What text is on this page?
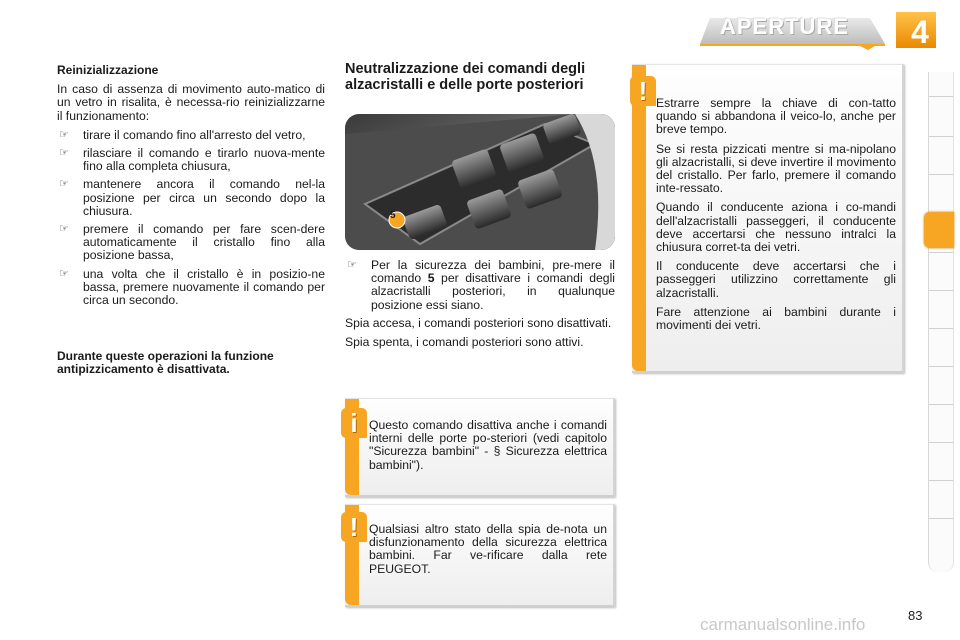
APERTURE 4
Reinizializzazione

In caso di assenza di movimento auto-matico di un vetro in risalita, è necessa-rio reinizializzarne il funzionamento:

☞ tirare il comando fino all'arresto del vetro,
☞ rilasciare il comando e tirarlo nuova-mente fino alla completa chiusura,
☞ mantenere ancora il comando nel-la posizione per circa un secondo dopo la chiusura.
☞ premere il comando per fare scen-dere automaticamente il cristallo fino alla posizione bassa,
☞ una volta che il cristallo è in posizio-ne bassa, premere nuovamente il comando per circa un secondo.
Durante queste operazioni la funzione antipizzicamento è disattivata.
Neutralizzazione dei comandi degli alzacristalli e delle porte posteriori
5
☞ Per la sicurezza dei bambini, pre-mere il comando 5 per disattivare i comandi degli alzacristalli posteriori, in qualunque posizione essi siano.

Spia accesa, i comandi posteriori sono disattivati.

Spia spenta, i comandi posteriori sono attivi.

Questo comando disattiva anche i comandi interni delle porte po-steriori (vedi capitolo "Sicurezza bambini" - § Sicurezza elettrica bambini").
i
Qualsiasi altro stato della spia de-nota un disfunzionamento della sicurezza elettrica bambini. Far ve-rificare dalla rete PEUGEOT.
!

Estrarre sempre la chiave di con-tatto quando si abbandona il veico-lo, anche per breve tempo.

Se si resta pizzicati mentre si ma-nipolano gli alzacristalli, si deve invertire il movimento del cristallo. Per farlo, premere il comando inte-ressato.

Quando il conducente aziona i co-mandi dell'alzacristalli passeggeri, il conducente deve accertarsi che nessuno intralci la chiusura corret-ta dei vetri.

Il conducente deve accertarsi che i passeggeri utilizzino correttamente gli alzacristalli.

Fare attenzione ai bambini durante i movimenti dei vetri.

!
carmanualsonline.info	83
